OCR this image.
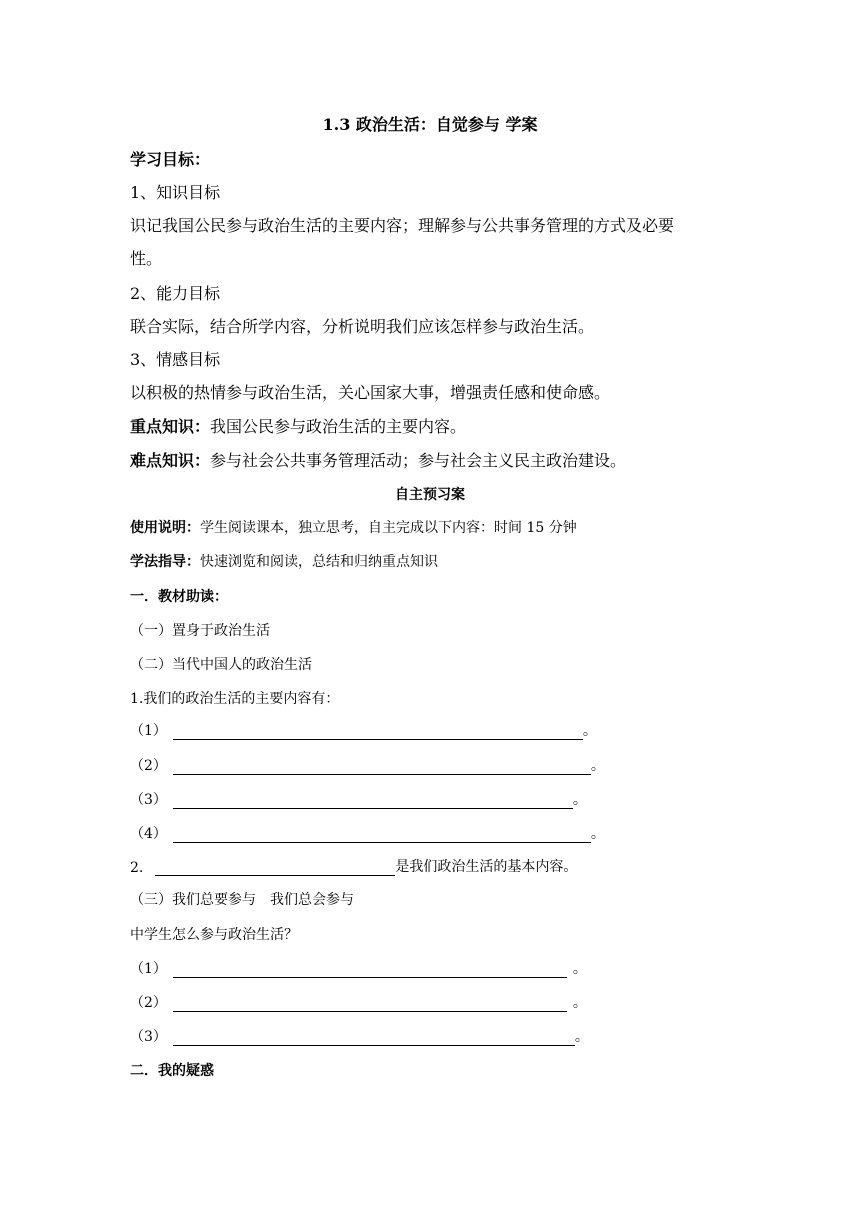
1.3 政治生活：自觉参与 学案
学习目标：
1、知识目标
识记我国公民参与政治生活的主要内容；理解参与公共事务管理的方式及必要
性。
2、能力目标
联合实际，结合所学内容，分析说明我们应该怎样参与政治生活。
3、情感目标
以积极的热情参与政治生活，关心国家大事，增强责任感和使命感。
重点知识：我国公民参与政治生活的主要内容。
难点知识：参与社会公共事务管理活动；参与社会主义民主政治建设。
自主预习案
使用说明：学生阅读课本，独立思考，自主完成以下内容：时间 15 分钟
学法指导：快速浏览和阅读，总结和归纳重点知识
一．教材助读：
（一）置身于政治生活
（二）当代中国人的政治生活
1.我们的政治生活的主要内容有：
（1）	。
（2）	。
（3）	。
（4）	。
2.	是我们政治生活的基本内容。
（三）我们总要参与　我们总会参与
中学生怎么参与政治生活？
（1）	。
（2）	。
（3）	。
二．我的疑惑
